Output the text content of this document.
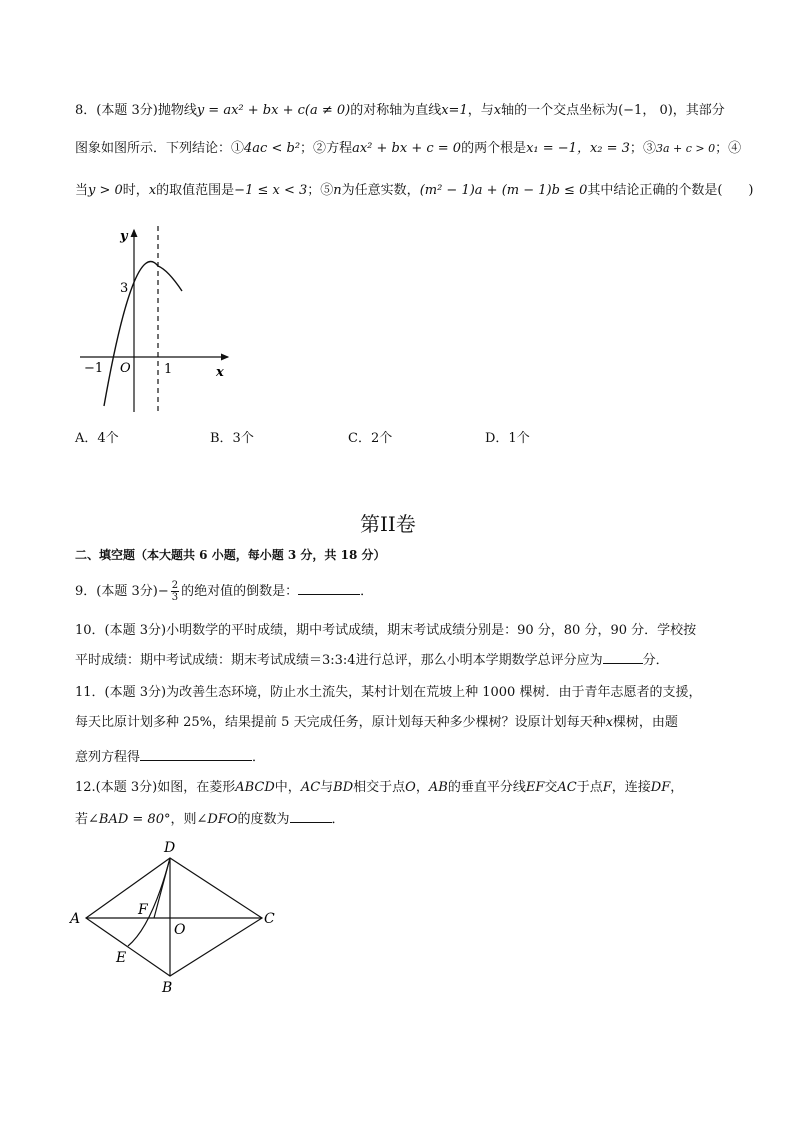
8．(本题 3分)抛物线y = ax² + bx + c(a ≠ 0)的对称轴为直线x=1，与x轴的一个交点坐标为(−1， 0)，其部分
图象如图所示．下列结论：①4ac < b²；②方程ax² + bx + c = 0的两个根是x₁ = −1，x₂ = 3；③3a + c > 0；④
当y > 0时，x的取值范围是−1 ≤ x < 3；⑤n为任意实数，(m² − 1)a + (m − 1)b ≤ 0其中结论正确的个数是(　　)
y
x
O
3
−1	1
A．4个	B．3个	C．2个	D．1个
第II卷
二、填空题（本大题共 6 小题，每小题 3 分，共 18 分）
9．(本题 3分)− $\frac{2}{3}$ 的绝对值的倒数是：	．
10．(本题 3分)小明数学的平时成绩，期中考试成绩，期末考试成绩分别是：90 分，80 分，90 分．学校按
平时成绩：期中考试成绩：期末考试成绩＝3:3:4进行总评，那么小明本学期数学总评分应为	分．
11．(本题 3分)为改善生态环境，防止水土流失，某村计划在荒坡上种 1000 棵树．由于青年志愿者的支援，
每天比原计划多种 25%，结果提前 5 天完成任务，原计划每天种多少棵树？设原计划每天种x棵树，由题
意列方程得	．
12.(本题 3分)如图，在菱形ABCD中，AC与BD相交于点O，AB的垂直平分线EF交AC于点F，连接DF，
若∠BAD = 80°，则∠DFO的度数为	．
D
A	C
B
E
F
O
